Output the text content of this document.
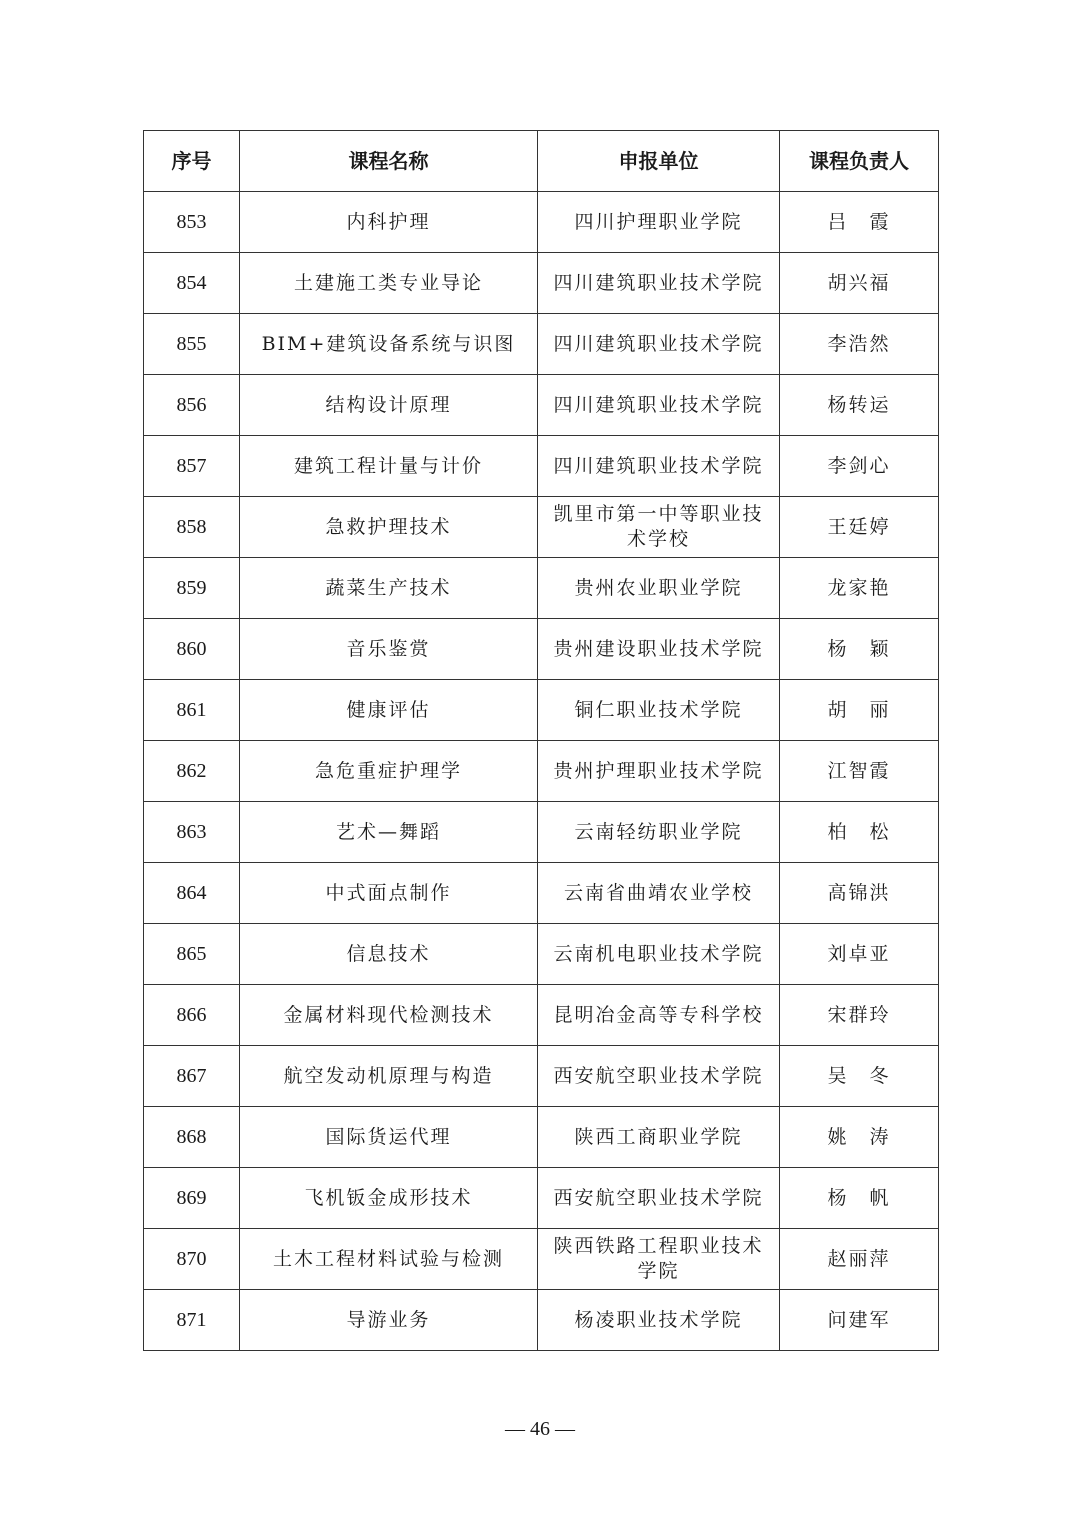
序号	课程名称	申报单位	课程负责人
853	内科护理	四川护理职业学院	吕　霞
854	土建施工类专业导论	四川建筑职业技术学院	胡兴福
855	BIM+建筑设备系统与识图	四川建筑职业技术学院	李浩然
856	结构设计原理	四川建筑职业技术学院	杨转运
857	建筑工程计量与计价	四川建筑职业技术学院	李剑心
858	急救护理技术	凯里市第一中等职业技术学校	王廷婷
859	蔬菜生产技术	贵州农业职业学院	龙家艳
860	音乐鉴赏	贵州建设职业技术学院	杨　颖
861	健康评估	铜仁职业技术学院	胡　丽
862	急危重症护理学	贵州护理职业技术学院	江智霞
863	艺术—舞蹈	云南轻纺职业学院	柏　松
864	中式面点制作	云南省曲靖农业学校	高锦洪
865	信息技术	云南机电职业技术学院	刘卓亚
866	金属材料现代检测技术	昆明冶金高等专科学校	宋群玲
867	航空发动机原理与构造	西安航空职业技术学院	吴　冬
868	国际货运代理	陕西工商职业学院	姚　涛
869	飞机钣金成形技术	西安航空职业技术学院	杨　帆
870	土木工程材料试验与检测	陕西铁路工程职业技术学院	赵丽萍
871	导游业务	杨凌职业技术学院	问建军
— 46 —
